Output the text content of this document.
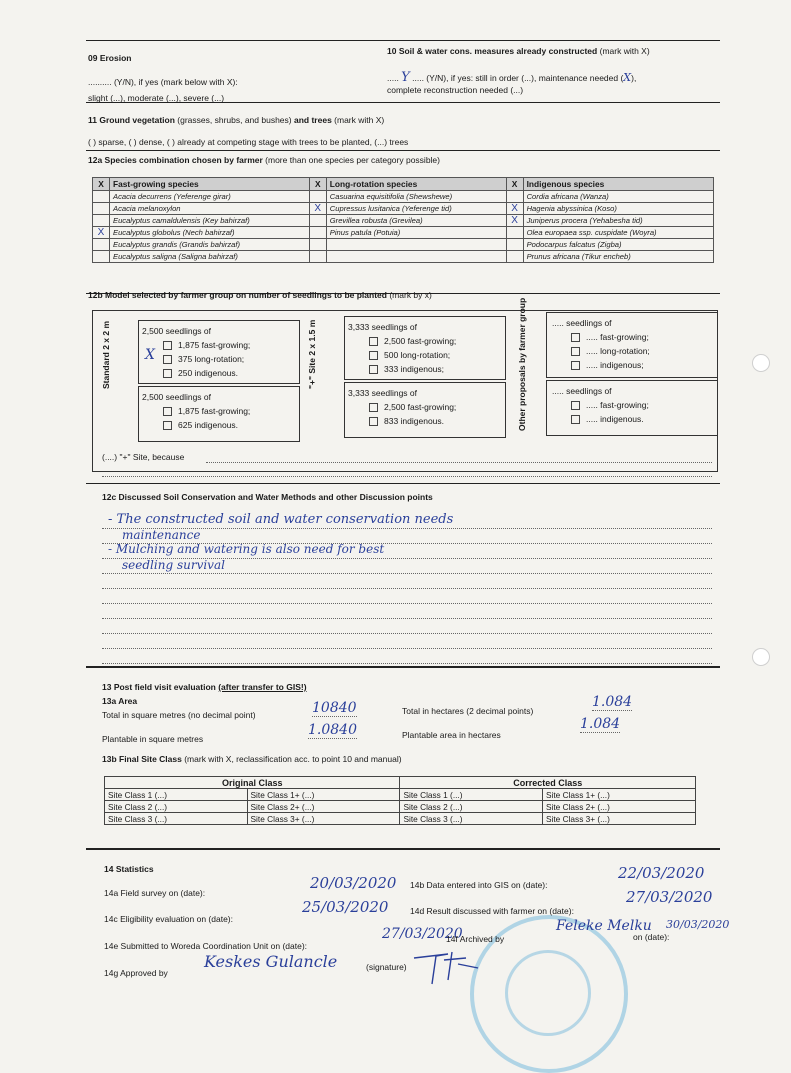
09 Erosion
.......... (Y/N), if yes (mark below with X):
slight (...), moderate (...), severe (...)
10 Soil & water cons. measures already constructed (mark with X)
..... Y ..... (Y/N), if yes: still in order (...), maintenance needed (X),
complete reconstruction needed (...)
11 Ground vegetation (grasses, shrubs, and bushes) and trees (mark with X)
( ) sparse, ( ) dense, ( ) already at competing stage with trees to be planted, (...) trees
12a Species combination chosen by farmer (more than one species per category possible)
X	Fast-growing species	X	Long-rotation species	X	Indigenous species
	Acacia decurrens (Yeferenge girar)		Casuarina equisitifolia (Shewshewe)		Cordia africana (Wanza)
	Acacia melanoxylon	X	Cupressus lusitanica (Yeferenge tid)	X	Hagenia abyssinica (Koso)
	Eucalyptus camaldulensis (Key bahirzaf)		Grevillea robusta (Grevilea)	X	Juniperus procera (Yehabesha tid)
X	Eucalyptus globolus (Nech bahirzaf)		Pinus patula (Potuia)		Olea europaea ssp. cuspidate (Woyra)
	Eucalyptus grandis (Grandis bahirzaf)				Podocarpus falcatus (Zigba)
	Eucalyptus saligna (Saligna bahirzaf)				Prunus africana (Tikur encheb)
12b Model selected by farmer group on number of seedlings to be planted (mark by x)
Standard 2 x 2 m	2,500 seedlings of
1,875 fast-growing;
375 long-rotation;
250 indigenous.
X
2,500 seedlings of
1,875 fast-growing;
625 indigenous.
"+" Site 2 x 1.5 m	3,333 seedlings of
2,500 fast-growing;
500 long-rotation;
333 indigenous;
3,333 seedlings of
2,500 fast-growing;
833 indigenous.	Other proposals by farmer group	..... seedlings of
..... fast-growing;
..... long-rotation;
..... indigenous;
..... seedlings of
..... fast-growing;
..... indigenous.
(....) "+" Site, because
12c Discussed Soil Conservation and Water Methods and other Discussion points
- The constructed soil and water conservation needs
maintenance
- Mulching and watering is also need for best
seedling survival
13 Post field visit evaluation (after transfer to GIS!)
13a Area
Total in square metres (no decimal point)	10840	Total in hectares (2 decimal points)
1.084
Plantable in square metres
1.0840	Plantable area in hectares
1.084
13b Final Site Class (mark with X, reclassification acc. to point 10 and manual)
Original Class		Corrected Class	
Site Class 1 (...)	Site Class 1+ (...)	Site Class 1 (...)	Site Class 1+ (...)
Site Class 2 (...)	Site Class 2+ (...)	Site Class 2 (...)	Site Class 2+ (...)
Site Class 3 (...)	Site Class 3+ (...)	Site Class 3 (...)	Site Class 3+ (...)
14 Statistics
14a Field survey on (date):
20/03/2020 14b Data entered into GIS on (date):
22/03/2020
14c Eligibility evaluation on (date):
25/03/2020	14d Result discussed with farmer on (date):
27/03/2020
14e Submitted to Woreda Coordination Unit on (date):
27/03/2020
14f Archived by
Feleke Melku
on (date):
30/03/2020
14g Approved by
Keskes Gulancle	(signature)
